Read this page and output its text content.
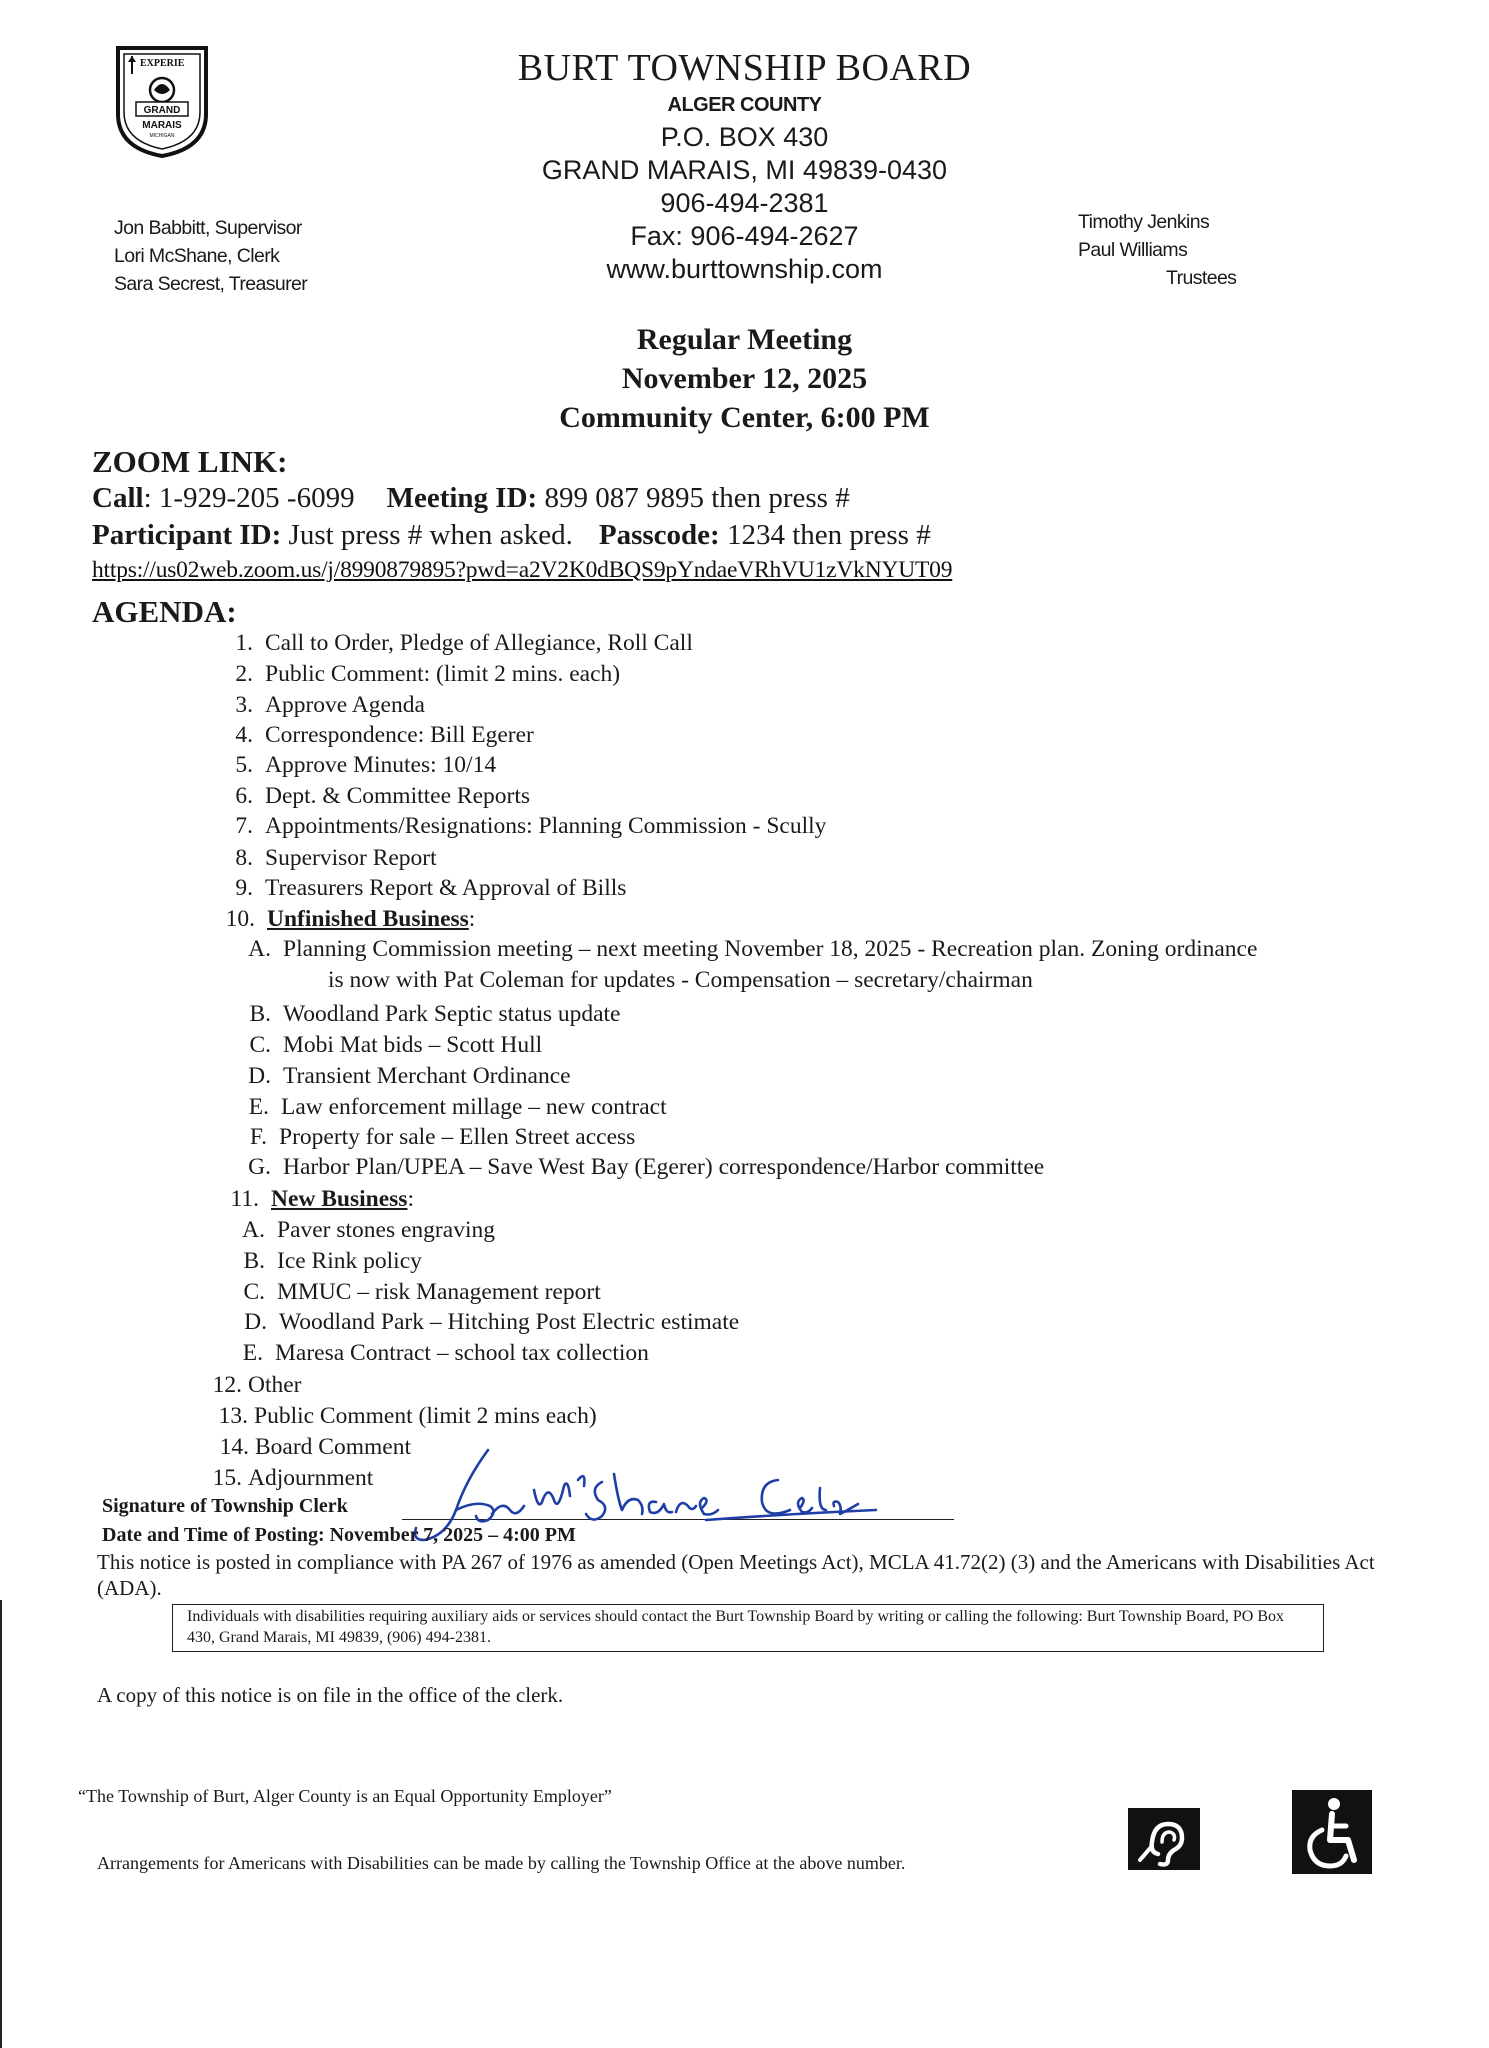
EXPERIE
GRAND
MARAIS
MICHIGAN
BURT TOWNSHIP BOARD
ALGER COUNTY
P.O. BOX 430
GRAND MARAIS, MI 49839-0430
906-494-2381
Fax: 906-494-2627
www.burttownship.com
Jon Babbitt, Supervisor
Lori McShane, Clerk
Sara Secrest, Treasurer
Timothy Jenkins
Paul Williams
Trustees
Regular Meeting
November 12, 2025
Community Center, 6:00 PM
ZOOM LINK:
Call: 1-929-205 -6099 Meeting ID: 899 087 9895 then press #
Participant ID: Just press # when asked. Passcode: 1234 then press #
https://us02web.zoom.us/j/8990879895?pwd=a2V2K0dBQS9pYndaeVRhVU1zVkNYUT09
AGENDA:
1. Call to Order, Pledge of Allegiance, Roll Call
2. Public Comment: (limit 2 mins. each)
3. Approve Agenda
4. Correspondence: Bill Egerer
5. Approve Minutes: 10/14
6. Dept. & Committee Reports
7. Appointments/Resignations: Planning Commission - Scully
8. Supervisor Report
9. Treasurers Report & Approval of Bills
10. Unfinished Business:
A. Planning Commission meeting – next meeting November 18, 2025 - Recreation plan. Zoning ordinance
is now with Pat Coleman for updates - Compensation – secretary/chairman
B. Woodland Park Septic status update
C. Mobi Mat bids – Scott Hull
D. Transient Merchant Ordinance
E. Law enforcement millage – new contract
F. Property for sale – Ellen Street access
G. Harbor Plan/UPEA – Save West Bay (Egerer) correspondence/Harbor committee
11. New Business:
A. Paver stones engraving
B. Ice Rink policy
C. MMUC – risk Management report
D. Woodland Park – Hitching Post Electric estimate
E. Maresa Contract – school tax collection
12. Other
13. Public Comment (limit 2 mins each)
14. Board Comment
15. Adjournment
Signature of Township Clerk
Date and Time of Posting: November 7, 2025 – 4:00 PM
This notice is posted in compliance with PA 267 of 1976 as amended (Open Meetings Act), MCLA 41.72(2) (3) and the Americans with Disabilities Act (ADA).
Individuals with disabilities requiring auxiliary aids or services should contact the Burt Township Board by writing or calling the following: Burt Township Board, PO Box 430, Grand Marais, MI 49839, (906) 494-2381.
A copy of this notice is on file in the office of the clerk.
“The Township of Burt, Alger County is an Equal Opportunity Employer”
Arrangements for Americans with Disabilities can be made by calling the Township Office at the above number.
